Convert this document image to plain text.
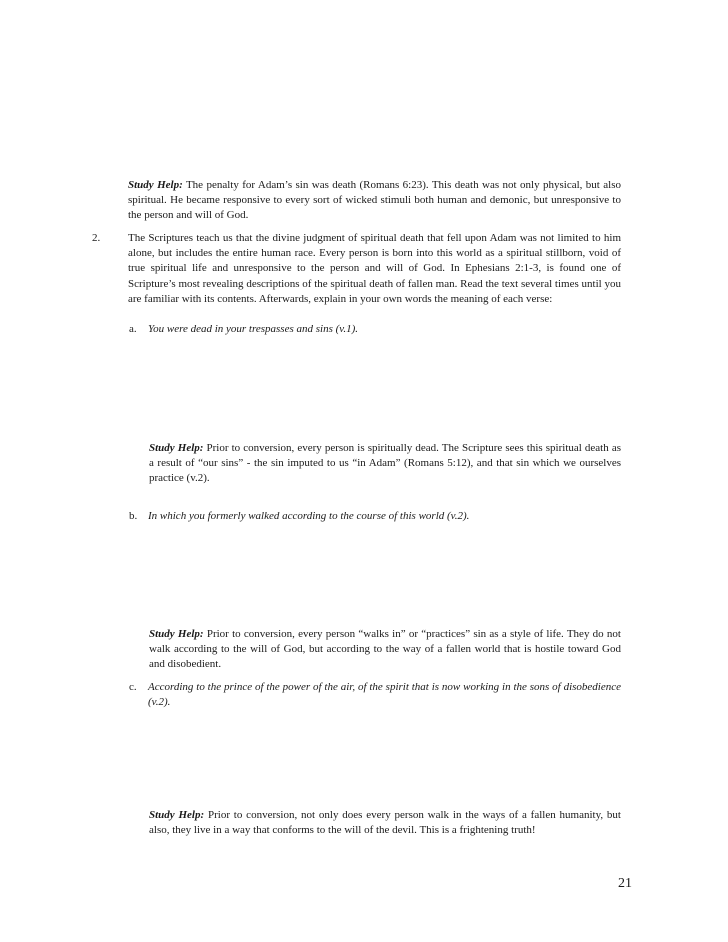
Study Help: The penalty for Adam’s sin was death (Romans 6:23). This death was not only physical, but also spiritual. He became responsive to every sort of wicked stimuli both human and demonic, but unresponsive to the person and will of God.

2.	The Scriptures teach us that the divine judgment of spiritual death that fell upon Adam was not limited to him alone, but includes the entire human race. Every person is born into this world as a spiritual stillborn, void of true spiritual life and unresponsive to the person and will of God. In Ephesians 2:1-3, is found one of Scripture’s most revealing descriptions of the spiritual death of fallen man. Read the text several times until you are familiar with its contents. Afterwards, explain in your own words the meaning of each verse:

a. You were dead in your trespasses and sins (v.1).

Study Help: Prior to conversion, every person is spiritually dead. The Scripture sees this spiritual death as a result of “our sins” - the sin imputed to us “in Adam” (Romans 5:12), and that sin which we ourselves practice (v.2).

b. In which you formerly walked according to the course of this world (v.2).

Study Help: Prior to conversion, every person “walks in” or “practices” sin as a style of life. They do not walk according to the will of God, but according to the way of a fallen world that is hostile toward God and disobedient.

c. According to the prince of the power of the air, of the spirit that is now working in the sons of disobedience (v.2).

Study Help: Prior to conversion, not only does every person walk in the ways of a fallen humanity, but also, they live in a way that conforms to the will of the devil. This is a frightening truth!

21
